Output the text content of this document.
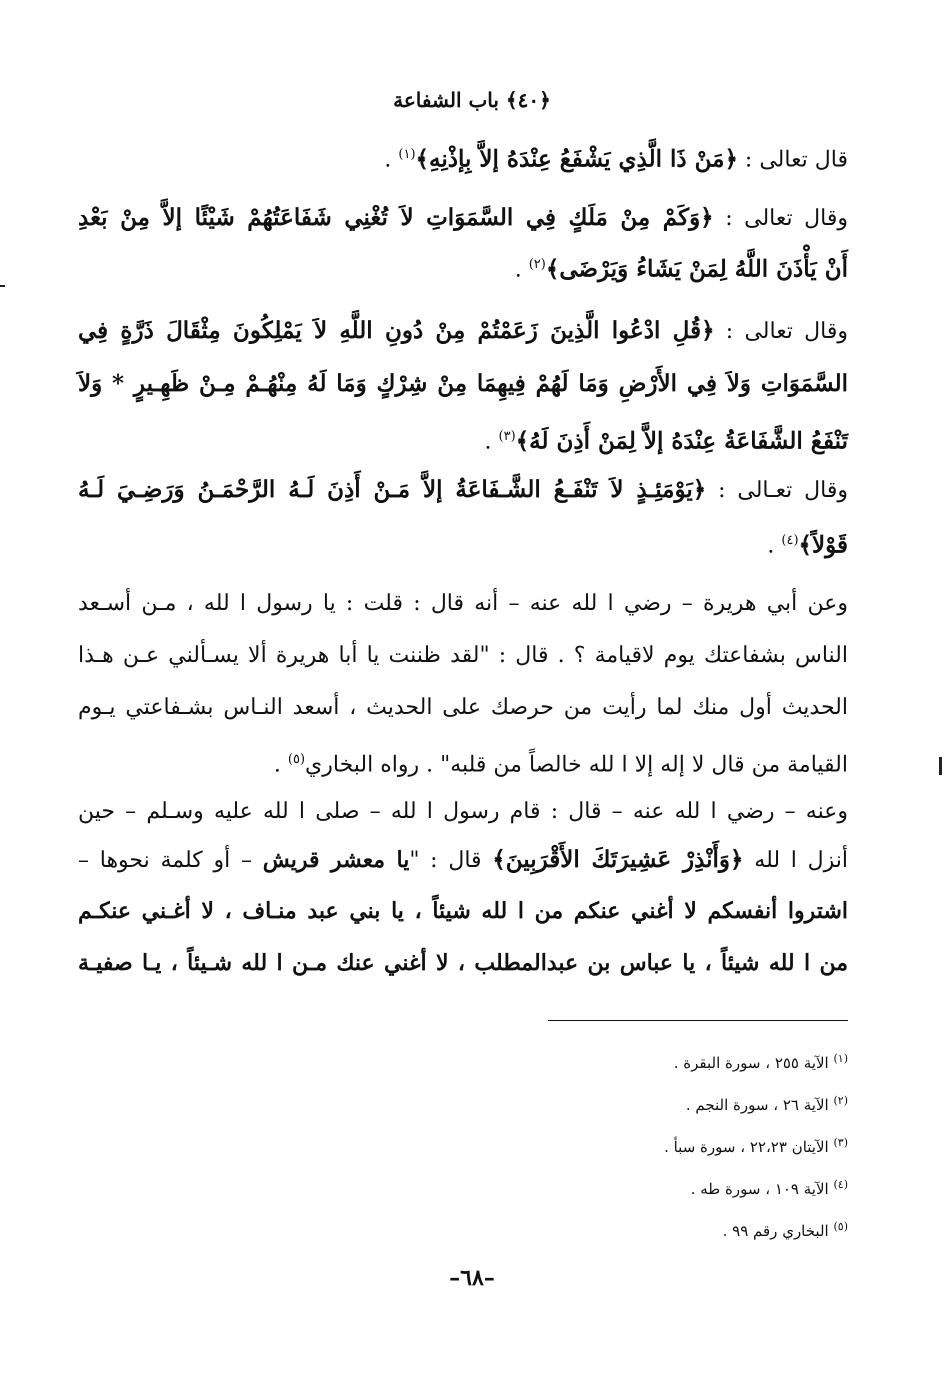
﴿٤٠﴾ باب الشفاعة
قال تعالى : ﴿مَنْ ذَا الَّذِي يَشْفَعُ عِنْدَهُ إلاَّ بِإذْنِهِ﴾$^{(١)}$ .
وقال تعالى : ﴿وَكَمْ مِنْ مَلَكٍ فِي السَّمَوَاتِ لاَ تُغْنِي شَفَاعَتُهُمْ شَيْئًا إلاَّ مِنْ بَعْدِ
أَنْ يَأْذَنَ اللَّهُ لِمَنْ يَشَاءُ وَيَرْضَى﴾$^{(٢)}$ .
وقال تعالى : ﴿قُلِ ادْعُوا الَّذِينَ زَعَمْتُمْ مِنْ دُونِ اللَّهِ لاَ يَمْلِكُونَ مِثْقَالَ ذَرَّةٍ فِي
السَّمَوَاتِ وَلاَ فِي الأَرْضِ وَمَا لَهُمْ فِيهِمَا مِنْ شِرْكٍ وَمَا لَهُ مِنْهُـمْ مِـنْ ظَهِـيرٍ * وَلاَ
تَنْفَعُ الشَّفَاعَةُ عِنْدَهُ إلاَّ لِمَنْ أَذِنَ لَهُ﴾$^{(٣)}$ .
وقال تعـالى : ﴿يَوْمَئِـذٍ لاَ تَنْفَـعُ الشَّـفَاعَةُ إلاَّ مَـنْ أَذِنَ لَـهُ الرَّحْمَـنُ وَرَضِـيَ لَـهُ
قَوْلاً﴾$^{(٤)}$ .
وعن أبي هريرة – رضي ا لله عنه – أنه قال : قلت : يا رسول ا لله ، مـن أسـعد
الناس بشفاعتك يوم لاقيامة ؟ . قال : "لقد ظننت يا أبا هريرة ألا يسـألني عـن هـذا
الحديث أول منك لما رأيت من حرصك على الحديث ، أسعد النـاس بشـفاعتي يـوم
القيامة من قال لا إله إلا ا لله خالصاً من قلبه" . رواه البخاري$^{(٥)}$ .
وعنه – رضي ا لله عنه – قال : قام رسول ا لله – صلى ا لله عليه وسـلم – حين
أنزل ا لله ﴿وَأَنْذِرْ عَشِيرَتَكَ الأَقْرَبِينَ﴾ قال : "يا معشر قريش – أو كلمة نحوها –
اشتروا أنفسكم لا أغني عنكم من ا لله شيئاً ، يا بني عبد منـاف ، لا أغـني عنكـم
من ا لله شيئاً ، يا عباس بن عبدالمطلب ، لا أغني عنك مـن ا لله شـيئاً ، يـا صفيـة
$^{(١)}$ الآية ٢٥٥ ، سورة البقرة .
$^{(٢)}$ الآية ٢٦ ، سورة النجم .
$^{(٣)}$ الآيتان ٢٢،٢٣ ، سورة سبأ .
$^{(٤)}$ الآية ١٠٩ ، سورة طه .
$^{(٥)}$ البخاري رقم ٩٩ .
–٦٨–
